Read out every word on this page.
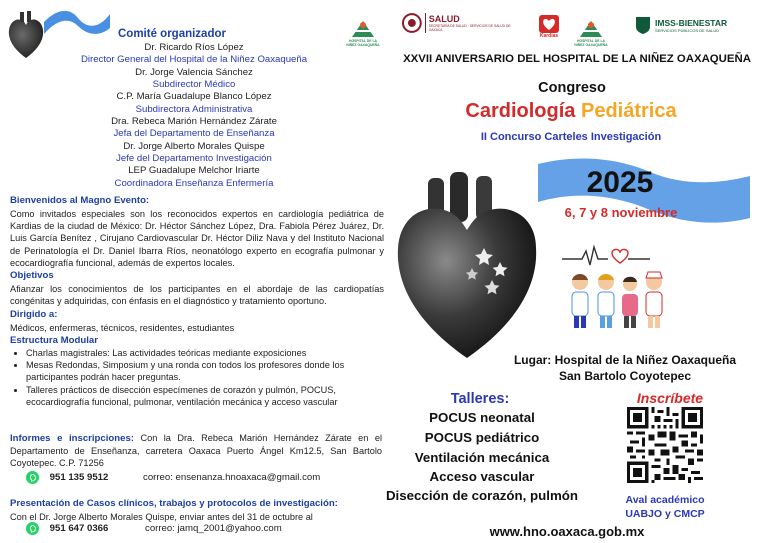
Comité organizador
Dr. Ricardo Ríos López
Director General del Hospital de la Niñez Oaxaqueña
Dr. Jorge Valencia Sánchez
Subdirector Médico
C.P. María Guadalupe Blanco López
Subdirectora Administrativa
Dra. Rebeca Marión Hernández Zárate
Jefa del Departamento de Enseñanza
Dr. Jorge Alberto Morales Quispe
Jefe del Departamento Investigación
LEP Guadalupe Melchor Iriarte
Coordinadora Enseñanza Enfermería
Bienvenidos al Magno Evento:
Como invitados especiales son los reconocidos expertos en cardiología pediátrica de Kardias de la ciudad de México: Dr. Héctor Sánchez López, Dra. Fabiola Pérez Juárez, Dr. Luis García Benítez , Cirujano Cardiovascular Dr. Héctor Diliz Nava y del Instituto Nacional de Perinatología el Dr. Daniel Ibarra Ríos, neonatólogo experto en ecografía pulmonar y ecocardiografía funcional, además de expertos locales.
Objetivos
Afianzar los conocimientos de los participantes en el abordaje de las cardiopatías congénitas y adquiridas, con énfasis en el diagnóstico y tratamiento oportuno.
Dirigido a:
Médicos, enfermeras, técnicos, residentes, estudiantes
Estructura Modular
• Charlas magistrales: Las actividades teóricas mediante exposiciones
• Mesas Redondas, Simposium y una ronda con todos los profesores donde los participantes podrán hacer preguntas.
• Talleres prácticos de disección especímenes de corazón y pulmón, POCUS, ecocardiografía funcional, pulmonar, ventilación mecánica y acceso vascular
Informes e inscripciones: Con la Dra. Rebeca Marión Hernández Zárate en el Departamento de Enseñanza, carretera Oaxaca Puerto Ángel Km12.5, San Bartolo Coyotepec. C.P. 71256
951 135 9512	correo: ensenanza.hnoaxaca@gmail.com
Presentación de Casos clínicos, trabajos y protocolos de investigación:
Con el Dr. Jorge Alberto Morales Quispe, enviar antes del 31 de octubre al
951 647 0366	correo: jamq_2001@yahoo.com
HOSPITAL DE LA NIÑEZ OAXAQUEÑA
SALUD
SECRETARÍA DE SALUD · SERVICIOS DE SALUD DE OAXACA
Kardias
HOSPITAL DE LA NIÑEZ OAXAQUEÑA
IMSS-BIENESTAR
SERVICIOS PÚBLICOS DE SALUD
XXVII ANIVERSARIO DEL HOSPITAL DE LA NIÑEZ OAXAQUEÑA
Congreso
Cardiología Pediátrica
II Concurso Carteles Investigación
2025
6, 7 y 8 noviembre
Lugar: Hospital de la Niñez Oaxaqueña
San Bartolo Coyotepec
Talleres:
POCUS neonatal
POCUS pediátrico
Ventilación mecánica
Acceso vascular
Disección de corazón, pulmón
Inscríbete
Aval académico
UABJO y CMCP
www.hno.oaxaca.gob.mx
